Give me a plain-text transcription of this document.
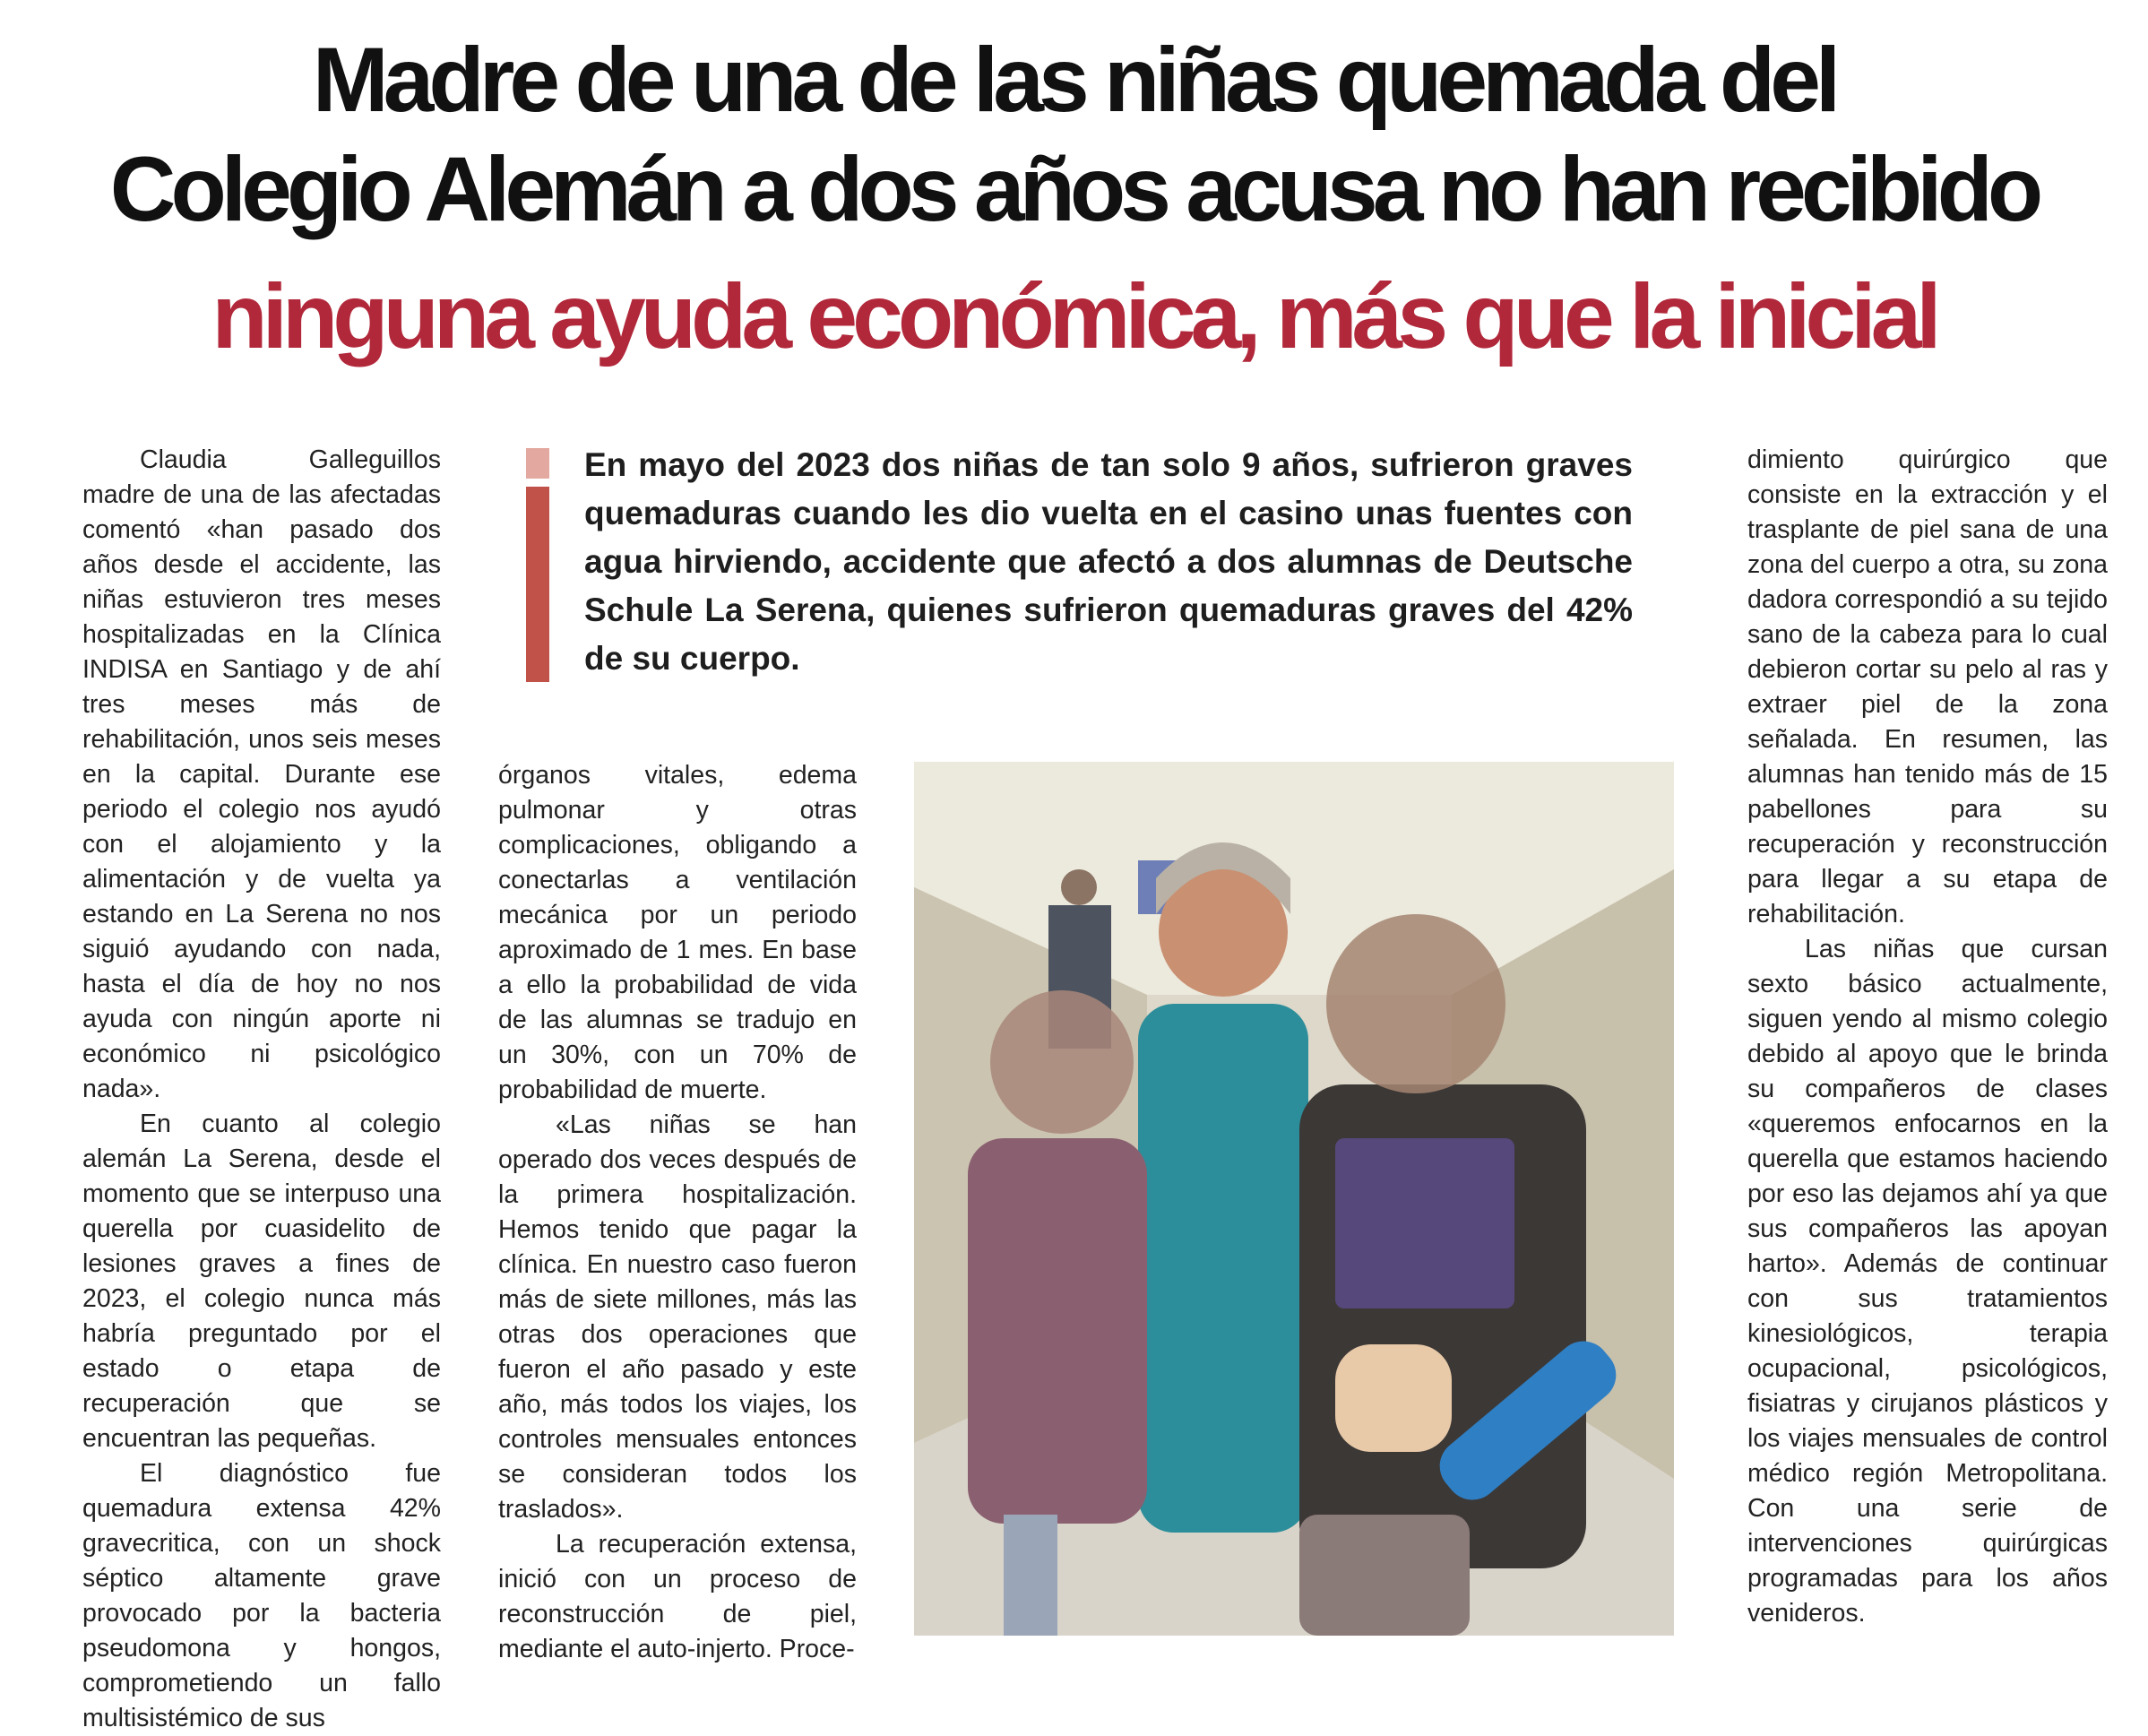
Madre de una de las niñas quemada del
Colegio Alemán a dos años acusa no han recibido
ninguna ayuda económica, más que la inicial

Claudia Galleguillos madre de una de las afectadas comentó «han pasado dos años desde el accidente, las niñas estuvieron tres meses hospitalizadas en la Clínica INDISA en Santiago y de ahí tres meses más de rehabilitación, unos seis meses en la capital. Durante ese periodo el colegio nos ayudó con el alojamiento y la alimentación y de vuelta ya estando en La Serena no nos siguió ayudando con nada, hasta el día de hoy no nos ayuda con ningún aporte ni económico ni psicológico nada».

En cuanto al colegio alemán La Serena, desde el momento que se interpuso una querella por cuasidelito de lesiones graves a fines de 2023, el colegio nunca más habría preguntado por el estado o etapa de recuperación que se encuentran las pequeñas.

El diagnóstico fue quemadura extensa 42% gravecritica, con un shock séptico altamente grave provocado por la bacteria pseudomona y hongos, comprometiendo un fallo multisistémico de sus

En mayo del 2023 dos niñas de tan solo 9 años, sufrieron graves quemaduras cuando les dio vuelta en el casino unas fuentes con agua hirviendo, accidente que afectó a dos alumnas de Deutsche Schule La Serena, quienes sufrieron quemaduras graves del 42% de su cuerpo.

órganos vitales, edema pulmonar y otras complicaciones, obligando a conectarlas a ventilación mecánica por un periodo aproximado de 1 mes. En base a ello la probabilidad de vida de las alumnas se tradujo en un 30%, con un 70% de probabilidad de muerte.

«Las niñas se han operado dos veces después de la primera hospitalización. Hemos tenido que pagar la clínica. En nuestro caso fueron más de siete millones, más las otras dos operaciones que fueron el año pasado y este año, más todos los viajes, los controles mensuales entonces se consideran todos los traslados».

La recuperación extensa, inició con un proceso de reconstrucción de piel, mediante el auto-injerto. Proce-

dimiento quirúrgico que consiste en la extracción y el trasplante de piel sana de una zona del cuerpo a otra, su zona dadora correspondió a su tejido sano de la cabeza para lo cual debieron cortar su pelo al ras y extraer piel de la zona señalada. En resumen, las alumnas han tenido más de 15 pabellones para su recuperación y reconstrucción para llegar a su etapa de rehabilitación.

Las niñas que cursan sexto básico actualmente, siguen yendo al mismo colegio debido al apoyo que le brinda su compañeros de clases «queremos enfocarnos en la querella que estamos haciendo por eso las dejamos ahí ya que sus compañeros las apoyan harto». Además de continuar con sus tratamientos kinesiológicos, terapia ocupacional, psicológicos, fisiatras y cirujanos plásticos y los viajes mensuales de control médico región Metropolitana. Con una serie de intervenciones quirúrgicas programadas para los años venideros.
